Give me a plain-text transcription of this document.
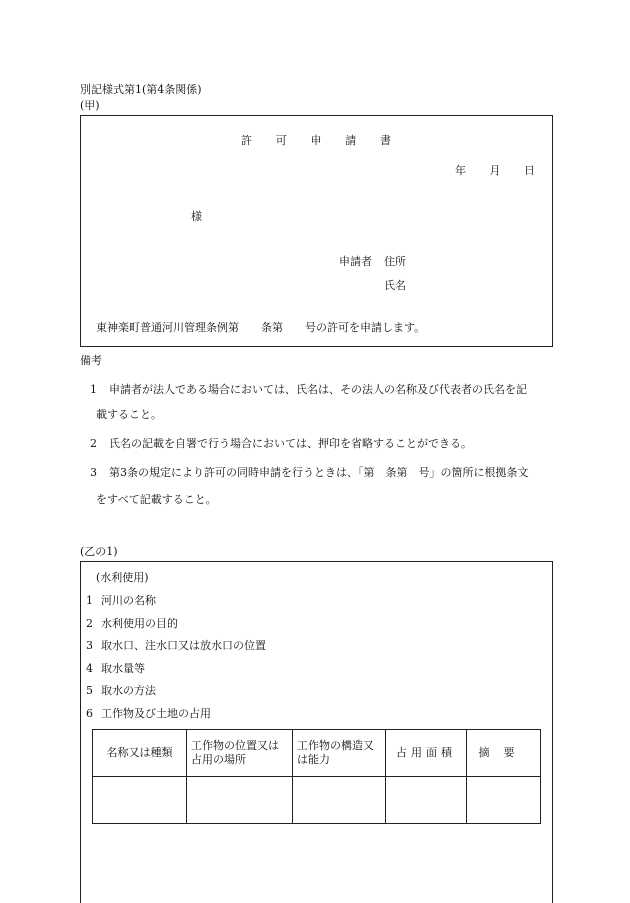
別記様式第1(第4条関係)
(甲)
許 可 申 請 書
年 月 日
様
申請者 住所
氏名
東神楽町普通河川管理条例第　　条第　　号の許可を申請します。
備考
1 申請者が法人である場合においては、氏名は、その法人の名称及び代表者の氏名を記
載すること。
2 氏名の記載を自署で行う場合においては、押印を省略することができる。
3 第3条の規定により許可の同時申請を行うときは、「第　条第　号」の箇所に根拠条文
をすべて記載すること。
(乙の1)
(水利使用)
1 河川の名称
2 水利使用の目的
3 取水口、注水口又は放水口の位置
4 取水量等
5 取水の方法
6 工作物及び土地の占用
名称又は種類	工作物の位置又は占用の場所	工作物の構造又は能力	占用面積	摘要
